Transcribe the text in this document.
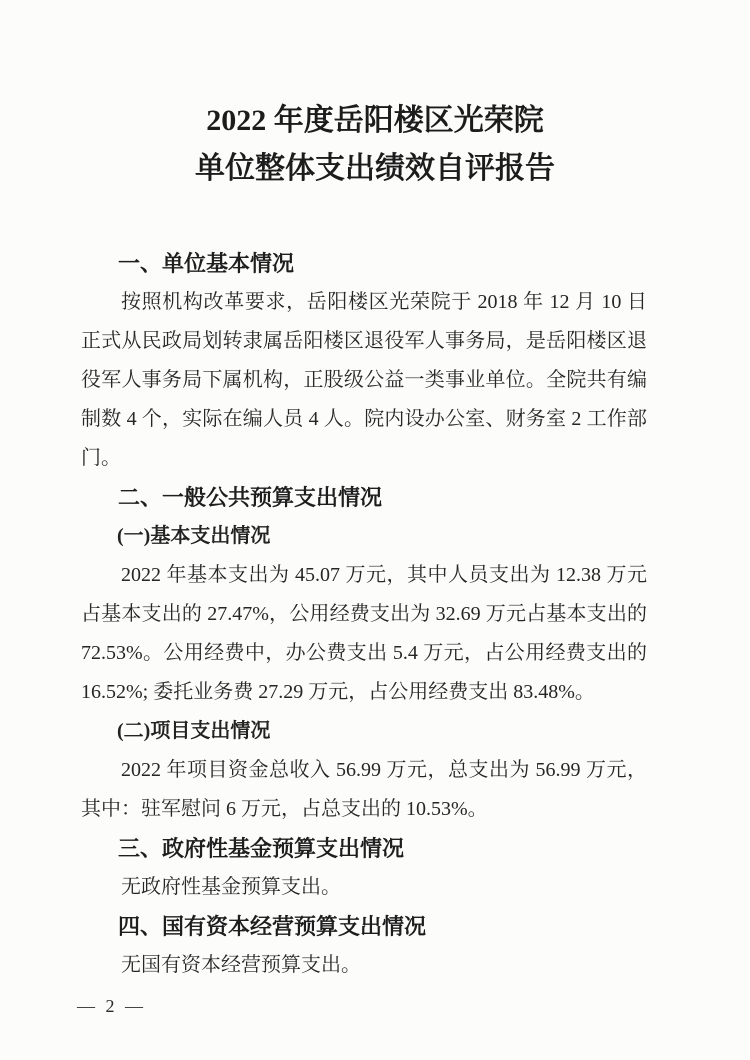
2022 年度岳阳楼区光荣院
单位整体支出绩效自评报告

一、单位基本情况

按照机构改革要求，岳阳楼区光荣院于 2018 年 12 月 10 日正式从民政局划转隶属岳阳楼区退役军人事务局，是岳阳楼区退役军人事务局下属机构，正股级公益一类事业单位。全院共有编制数 4 个，实际在编人员 4 人。院内设办公室、财务室 2 工作部门。

二、一般公共预算支出情况

(一)基本支出情况

2022 年基本支出为 45.07 万元，其中人员支出为 12.38 万元占基本支出的 27.47%，公用经费支出为 32.69 万元占基本支出的 72.53%。公用经费中，办公费支出 5.4 万元，占公用经费支出的 16.52%; 委托业务费 27.29 万元，占公用经费支出 83.48%。

(二)项目支出情况

2022 年项目资金总收入 56.99 万元，总支出为 56.99 万元，其中：驻军慰问 6 万元，占总支出的 10.53%。

三、政府性基金预算支出情况

无政府性基金预算支出。

四、国有资本经营预算支出情况

无国有资本经营预算支出。

— 2 —
